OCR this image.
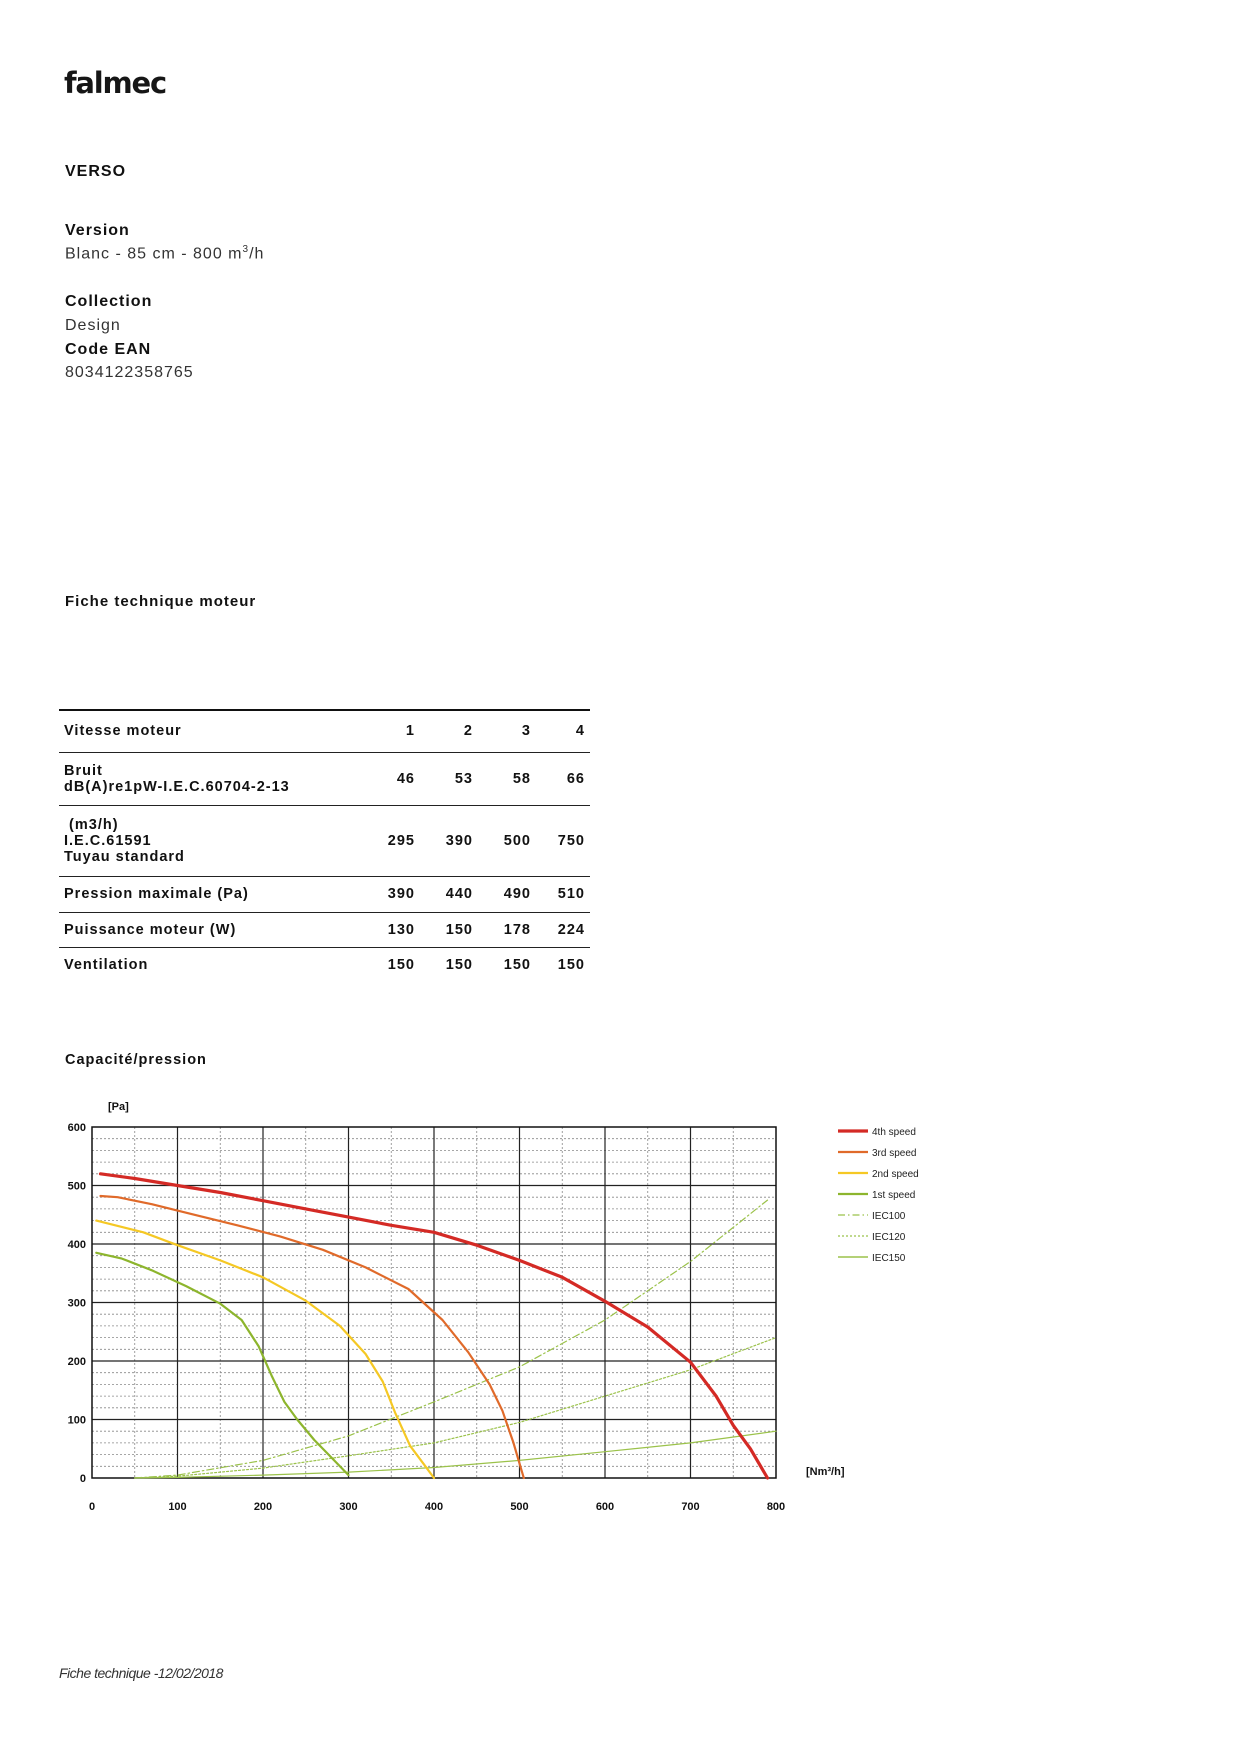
falmec
VERSO
Version
Blanc - 85 cm - 800 $m^3/h$
Collection
Design
Code EAN
8034122358765
Fiche technique moteur
Vitesse moteur	1	2	3	4

Bruit
dB(A)re1pW-I.E.C.60704-2-13	46	53	58	66

(m3/h)
I.E.C.61591
Tuyau standard	295	390	500	750
Pression maximale (Pa)	390	440	490	510
Puissance moteur (W)	130	150	178	224
Ventilation	150	150	150	150
Capacité/pression
0
100
200
300
400
500
600
0	100	200	300	400	500	600	700	800
[Pa]
[Nm³/h]
4th speed
3rd speed
2nd speed
1st speed
IEC100
IEC120
IEC150
Fiche technique -12/02/2018
